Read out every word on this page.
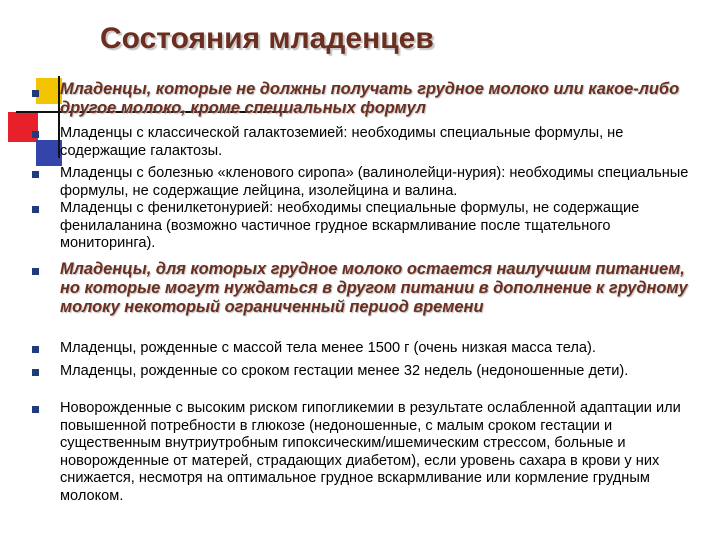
Состояния младенцев
Младенцы, которые не должны получать грудное молоко или какое-либо другое молоко, кроме специальных формул
Младенцы с классической галактоземией: необходимы специальные формулы, не содержащие галактозы.
Младенцы с болезнью «кленового сиропа» (валинолейци-нурия): необходимы специальные формулы, не содержащие лейцина, изолейцина и валина.
Младенцы с фенилкетонурией: необходимы специальные формулы, не содержащие фенилаланина (возможно частичное грудное вскармливание после тщательного мониторинга).
Младенцы, для которых грудное молоко остается наилучшим питанием, но которые могут нуждаться в другом питании в дополнение к грудному молоку некоторый ограниченный период времени
Младенцы, рожденные с массой тела менее 1500 г (очень низкая масса тела).
Младенцы, рожденные со сроком гестации менее 32 недель (недоношенные дети).
Новорожденные с высоким риском гипогликемии в результате ослабленной адаптации или повышенной потребности в глюкозе (недоношенные, с малым сроком гестации и существенным внутриутробным гипоксическим/ишемическим стрессом, больные и новорожденные от матерей, страдающих диабетом), если уровень сахара в крови у них снижается, несмотря на оптимальное грудное вскармливание или кормление грудным молоком.
